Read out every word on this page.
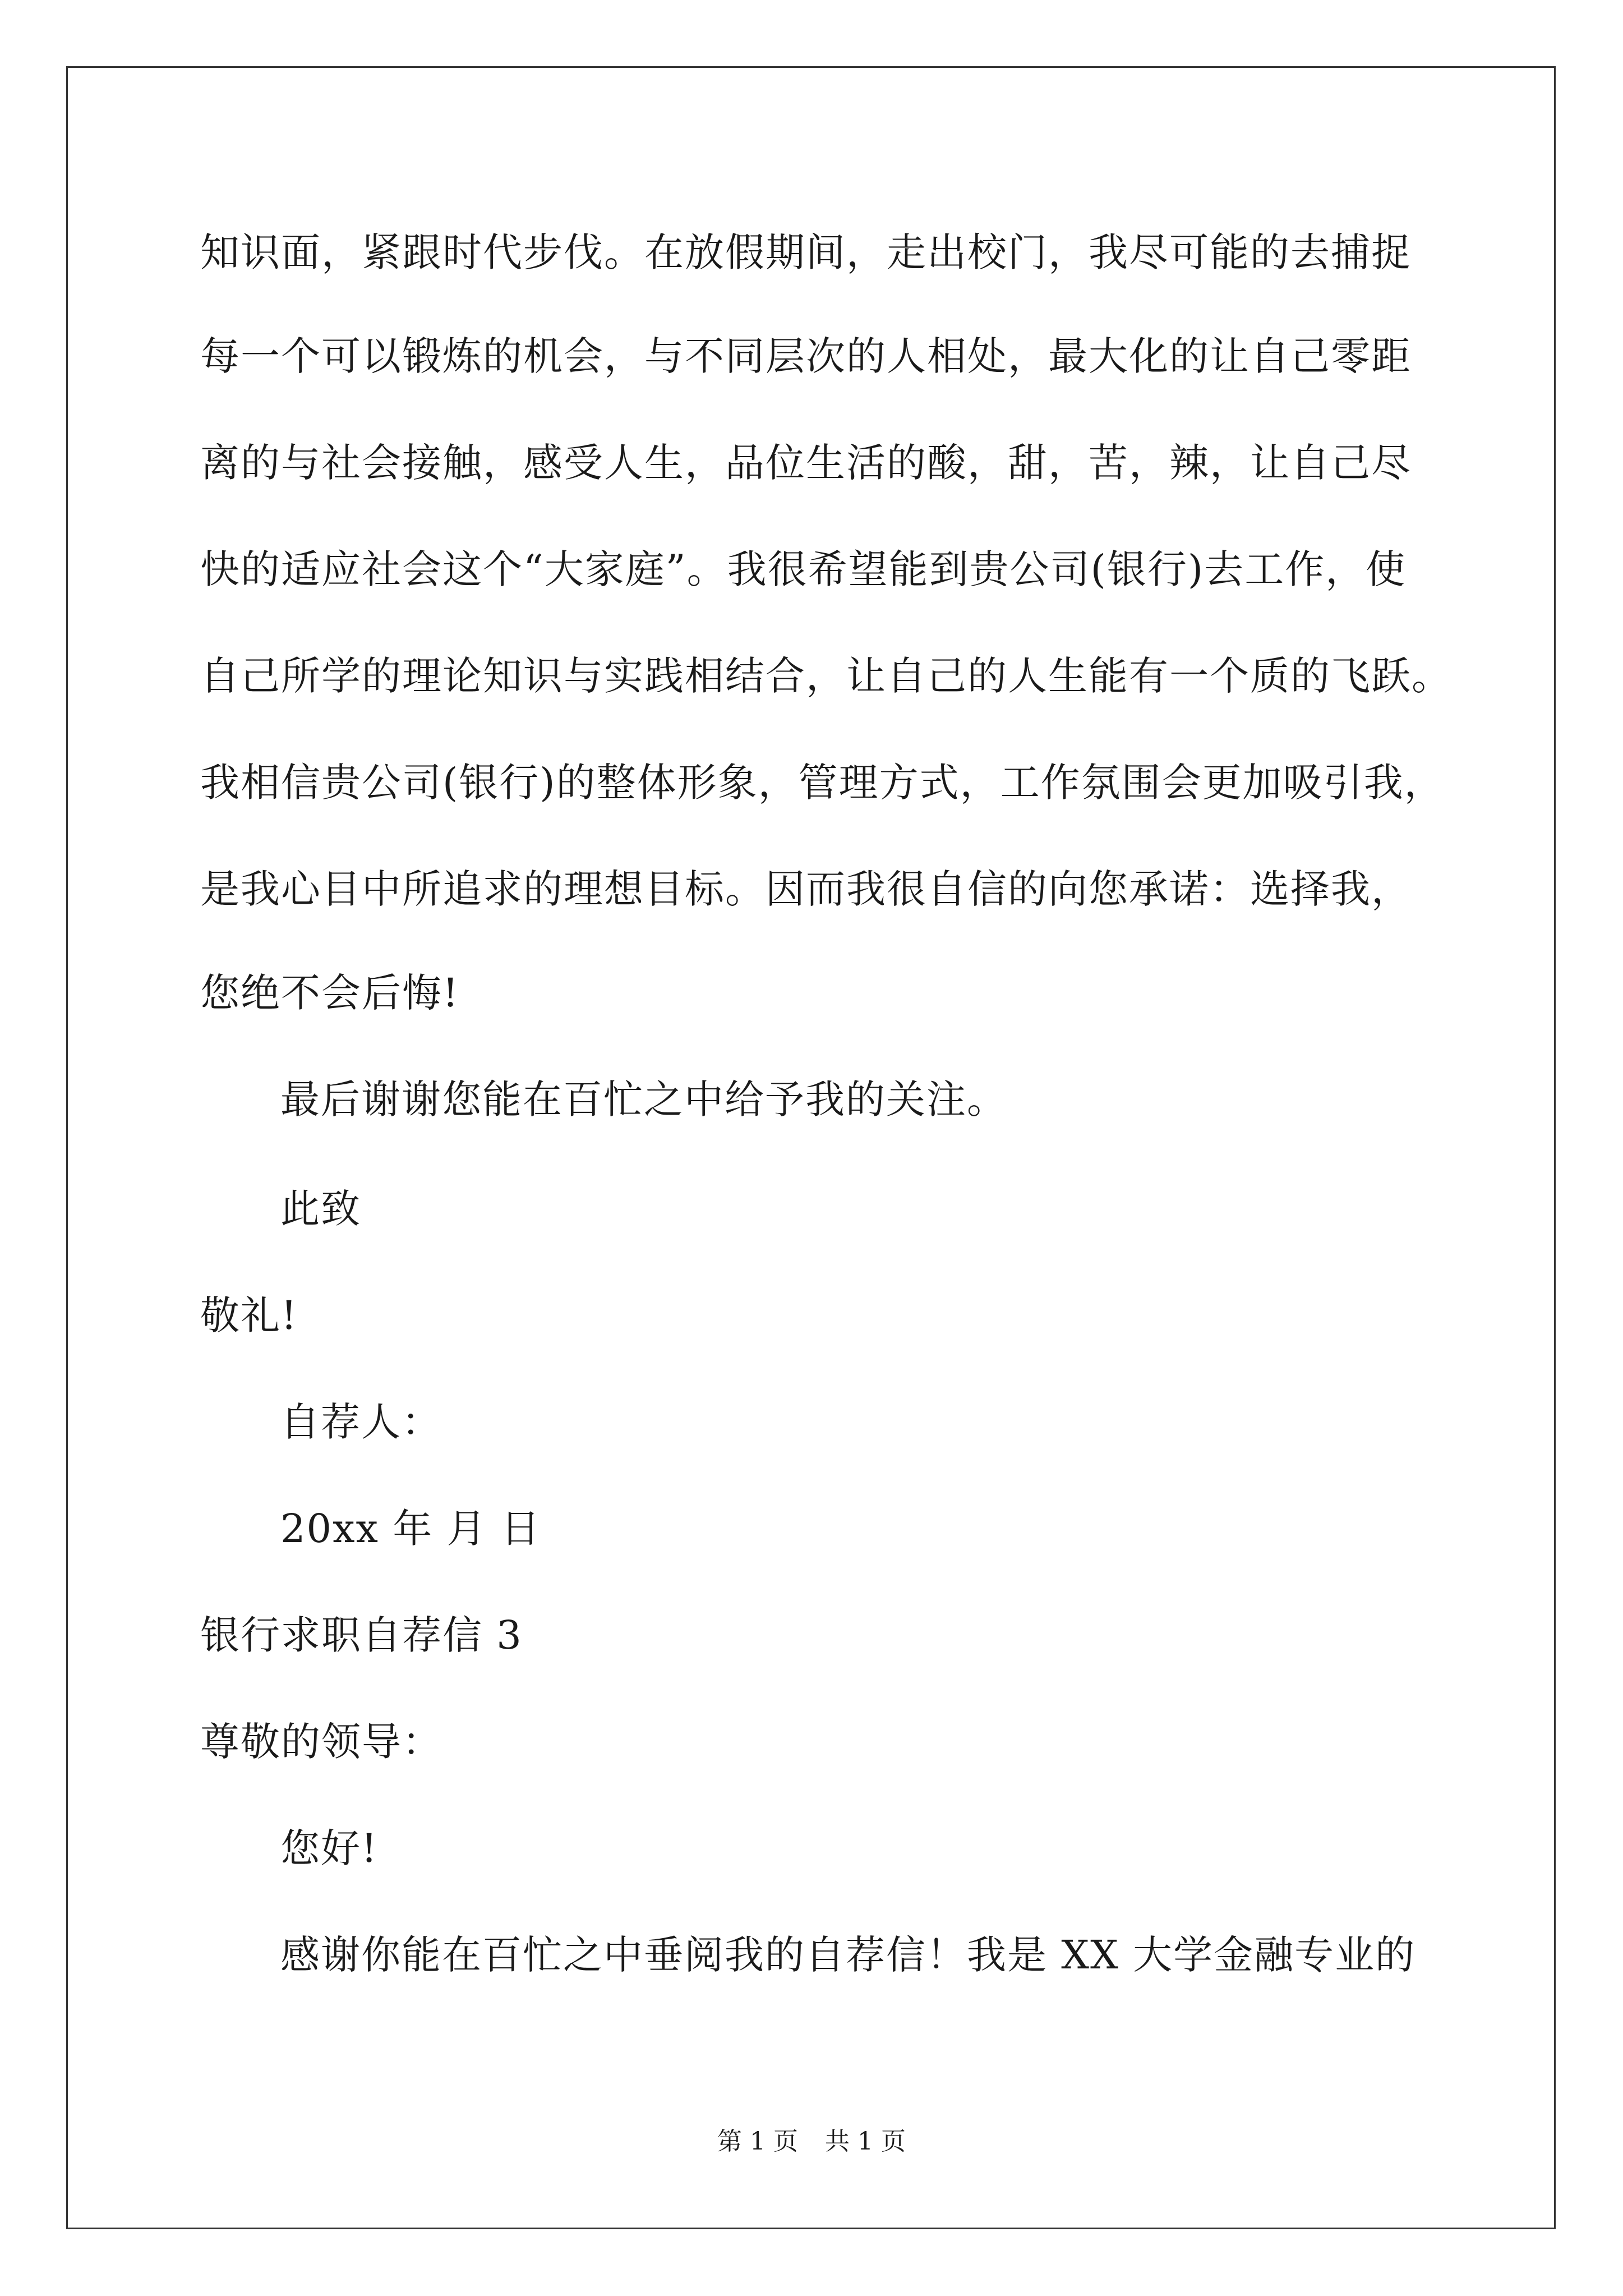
知识面，紧跟时代步伐。在放假期间，走出校门，我尽可能的去捕捉
每一个可以锻炼的机会，与不同层次的人相处，最大化的让自己零距
离的与社会接触，感受人生，品位生活的酸，甜，苦，辣，让自己尽
快的适应社会这个“大家庭”。我很希望能到贵公司(银行)去工作，使
自己所学的理论知识与实践相结合，让自己的人生能有一个质的飞跃。
我相信贵公司(银行)的整体形象，管理方式，工作氛围会更加吸引我，
是我心目中所追求的理想目标。因而我很自信的向您承诺：选择我，
您绝不会后悔!
最后谢谢您能在百忙之中给予我的关注。
此致
敬礼!
自荐人：
20xx 年 月 日
银行求职自荐信 3
尊敬的领导：
您好!
感谢你能在百忙之中垂阅我的自荐信！我是 XX 大学金融专业的
第 1 页 共 1 页
